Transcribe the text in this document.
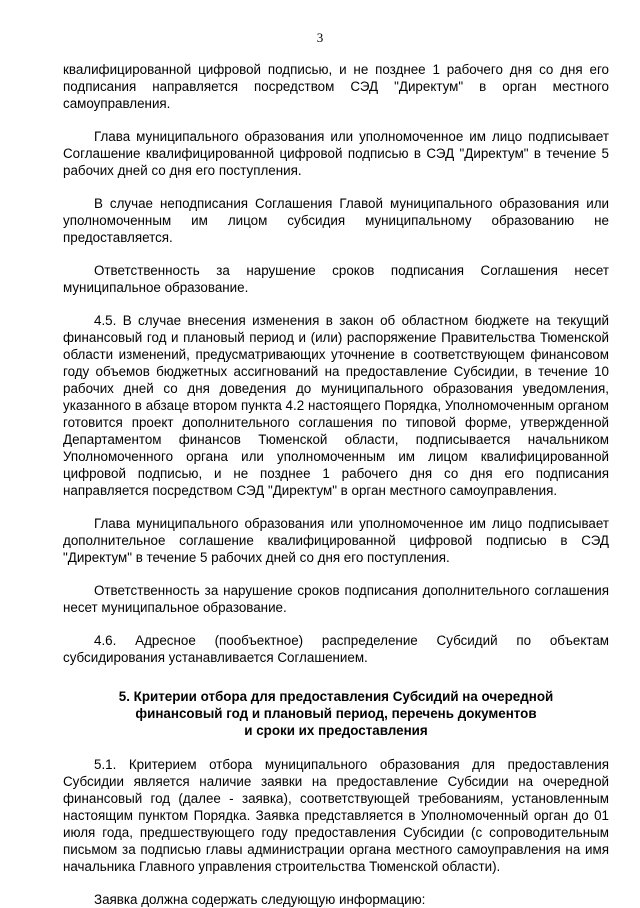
3

квалифицированной цифровой подписью, и не позднее 1 рабочего дня со дня его подписания направляется посредством СЭД "Директум" в орган местного самоуправления.

Глава муниципального образования или уполномоченное им лицо подписывает Соглашение квалифицированной цифровой подписью в СЭД "Директум" в течение 5 рабочих дней со дня его поступления.

В случае неподписания Соглашения Главой муниципального образования или уполномоченным им лицом субсидия муниципальному образованию не предоставляется.

Ответственность за нарушение сроков подписания Соглашения несет муниципальное образование.

4.5. В случае внесения изменения в закон об областном бюджете на текущий финансовый год и плановый период и (или) распоряжение Правительства Тюменской области изменений, предусматривающих уточнение в соответствующем финансовом году объемов бюджетных ассигнований на предоставление Субсидии, в течение 10 рабочих дней со дня доведения до муниципального образования уведомления, указанного в абзаце втором пункта 4.2 настоящего Порядка, Уполномоченным органом готовится проект дополнительного соглашения по типовой форме, утвержденной Департаментом финансов Тюменской области, подписывается начальником Уполномоченного органа или уполномоченным им лицом квалифицированной цифровой подписью, и не позднее 1 рабочего дня со дня его подписания направляется посредством СЭД "Директум" в орган местного самоуправления.

Глава муниципального образования или уполномоченное им лицо подписывает дополнительное соглашение квалифицированной цифровой подписью в СЭД "Директум" в течение 5 рабочих дней со дня его поступления.

Ответственность за нарушение сроков подписания дополнительного соглашения несет муниципальное образование.

4.6. Адресное (пообъектное) распределение Субсидий по объектам субсидирования устанавливается Соглашением.

5. Критерии отбора для предоставления Субсидий на очередной
финансовый год и плановый период, перечень документов
и сроки их предоставления

5.1. Критерием отбора муниципального образования для предоставления Субсидии является наличие заявки на предоставление Субсидии на очередной финансовый год (далее - заявка), соответствующей требованиям, установленным настоящим пунктом Порядка. Заявка представляется в Уполномоченный орган до 01 июля года, предшествующего году предоставления Субсидии (с сопроводительным письмом за подписью главы администрации органа местного самоуправления на имя начальника Главного управления строительства Тюменской области).

Заявка должна содержать следующую информацию:
